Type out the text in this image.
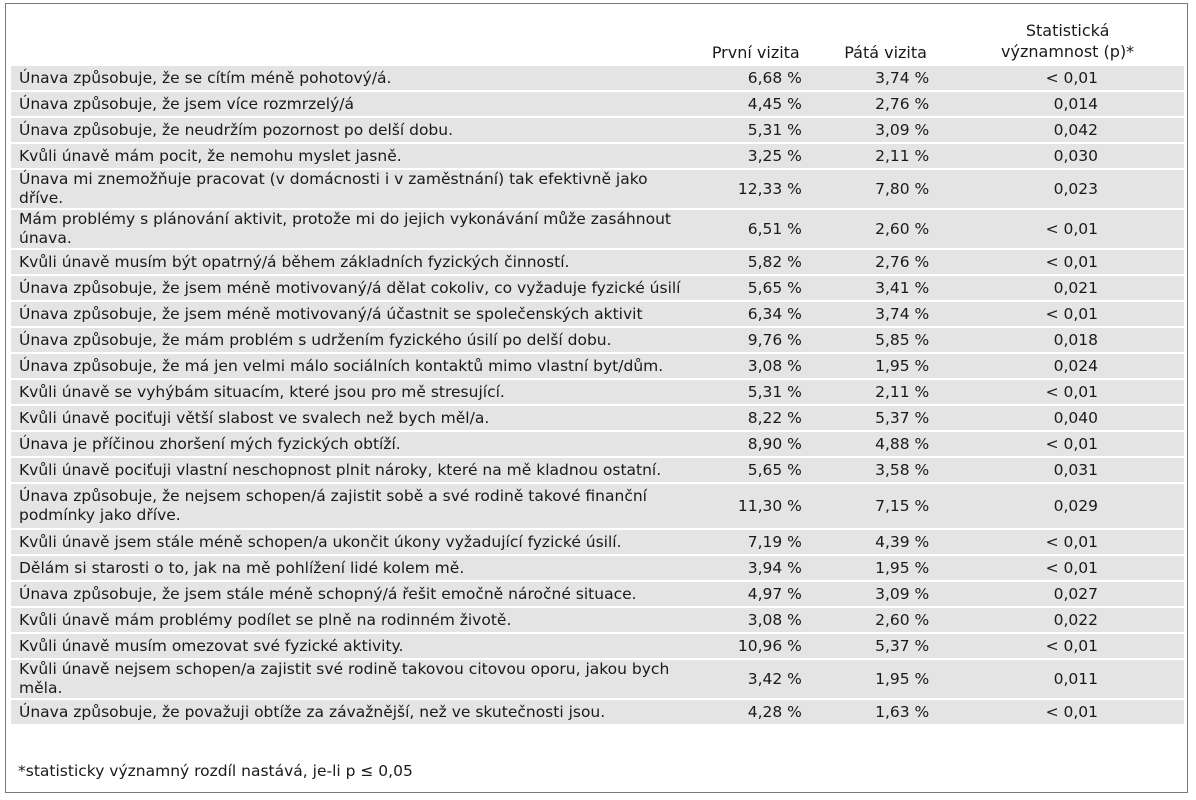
	První vizita	Pátá vizita	Statistická
významnost (p)*

Únava způsobuje, že se cítím méně pohotový/á.	6,68 %	3,74 %	< 0,01
Únava způsobuje, že jsem více rozmrzelý/á	4,45 %	2,76 %	0,014
Únava způsobuje, že neudržím pozornost po delší dobu.	5,31 %	3,09 %	0,042
Kvůli únavě mám pocit, že nemohu myslet jasně.	3,25 %	2,11 %	0,030
Únava mi znemožňuje pracovat (v domácnosti i v zaměstnání) tak efektivně jako dříve.	12,33 %	7,80 %	0,023
Mám problémy s plánování aktivit, protože mi do jejich vykonávání může zasáhnout únava.	6,51 %	2,60 %	< 0,01
Kvůli únavě musím být opatrný/á během základních fyzických činností.	5,82 %	2,76 %	< 0,01
Únava způsobuje, že jsem méně motivovaný/á dělat cokoliv, co vyžaduje fyzické úsilí	5,65 %	3,41 %	0,021
Únava způsobuje, že jsem méně motivovaný/á účastnit se společenských aktivit	6,34 %	3,74 %	< 0,01
Únava způsobuje, že mám problém s udržením fyzického úsilí po delší dobu.	9,76 %	5,85 %	0,018
Únava způsobuje, že má jen velmi málo sociálních kontaktů mimo vlastní byt/dům.	3,08 %	1,95 %	0,024
Kvůli únavě se vyhýbám situacím, které jsou pro mě stresující.	5,31 %	2,11 %	< 0,01
Kvůli únavě pociťuji větší slabost ve svalech než bych měl/a.	8,22 %	5,37 %	0,040
Únava je příčinou zhoršení mých fyzických obtíží.	8,90 %	4,88 %	< 0,01
Kvůli únavě pociťuji vlastní neschopnost plnit nároky, které na mě kladnou ostatní.	5,65 %	3,58 %	0,031
Únava způsobuje, že nejsem schopen/á zajistit sobě a své rodině takové finanční podmínky jako dříve.	11,30 %	7,15 %	0,029
Kvůli únavě jsem stále méně schopen/a ukončit úkony vyžadující fyzické úsilí.	7,19 %	4,39 %	< 0,01
Dělám si starosti o to, jak na mě pohlížení lidé kolem mě.	3,94 %	1,95 %	< 0,01
Únava způsobuje, že jsem stále méně schopný/á řešit emočně náročné situace.	4,97 %	3,09 %	0,027
Kvůli únavě mám problémy podílet se plně na rodinném životě.	3,08 %	2,60 %	0,022
Kvůli únavě musím omezovat své fyzické aktivity.	10,96 %	5,37 %	< 0,01
Kvůli únavě nejsem schopen/a zajistit své rodině takovou citovou oporu, jakou bych měla.	3,42 %	1,95 %	0,011
Únava způsobuje, že považuji obtíže za závažnější, než ve skutečnosti jsou.	4,28 %	1,63 %	< 0,01
*statisticky významný rozdíl nastává, je-li p ≤ 0,05
